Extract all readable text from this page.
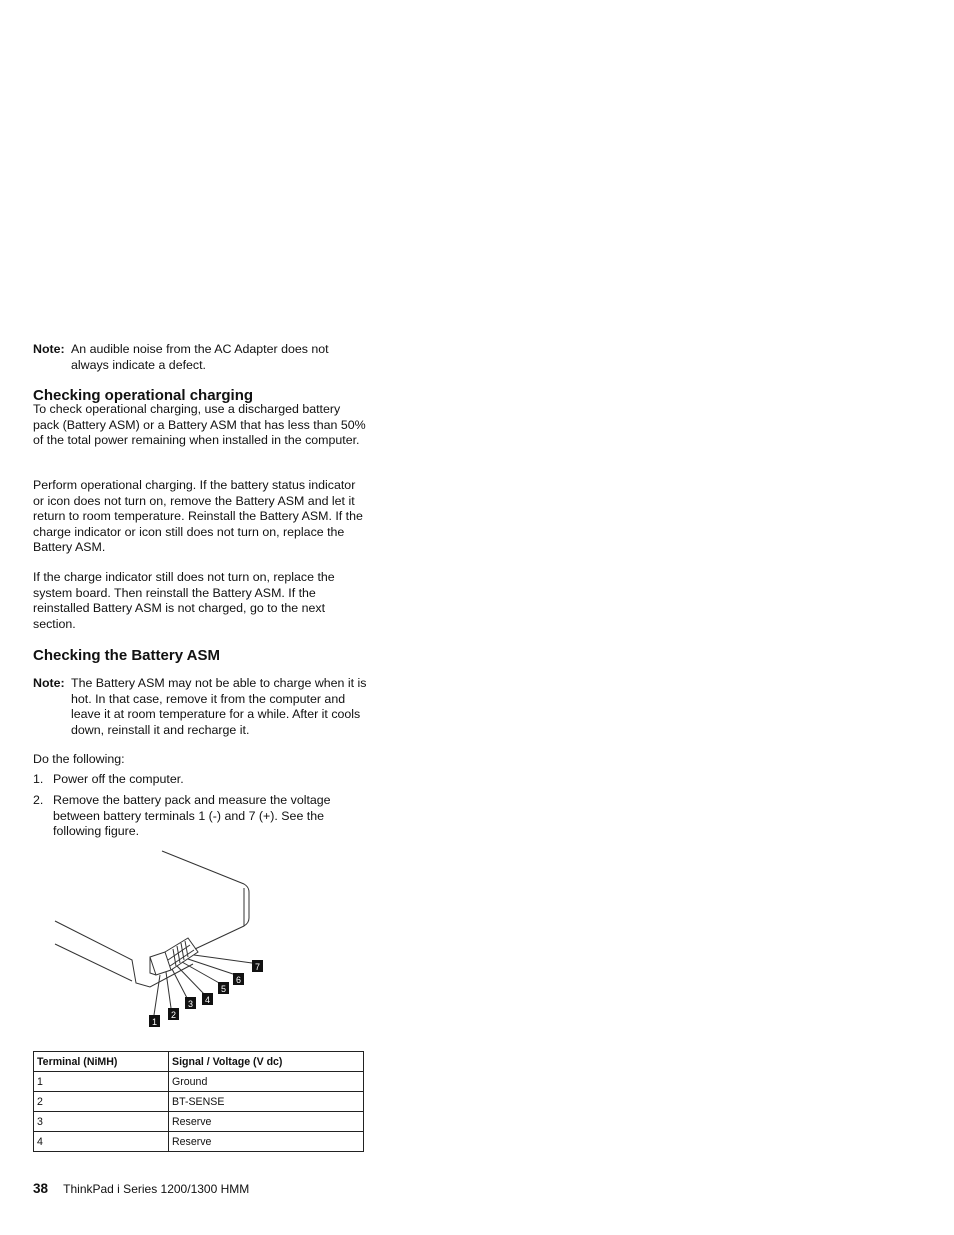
Note: An audible noise from the AC Adapter does not always indicate a defect.
Checking operational charging

To check operational charging, use a discharged battery pack (Battery ASM) or a Battery ASM that has less than 50% of the total power remaining when installed in the computer.

Perform operational charging. If the battery status indicator or icon does not turn on, remove the Battery ASM and let it return to room temperature. Reinstall the Battery ASM. If the charge indicator or icon still does not turn on, replace the Battery ASM.

If the charge indicator still does not turn on, replace the system board. Then reinstall the Battery ASM. If the reinstalled Battery ASM is not charged, go to the next section.

Checking the Battery ASM
Note: The Battery ASM may not be able to charge when it is hot. In that case, remove it from the computer and leave it at room temperature for a while. After it cools down, reinstall it and recharge it.

Do the following:

1. Power off the computer.
2. Remove the battery pack and measure the voltage between battery terminals 1 (-) and 7 (+). See the following figure.
1
2
3 4
5
6
7
Terminal (NiMH)	Signal / Voltage (V dc)
1	Ground
2	BT-SENSE
3	Reserve
4	Reserve
38 ThinkPad i Series 1200/1300 HMM
